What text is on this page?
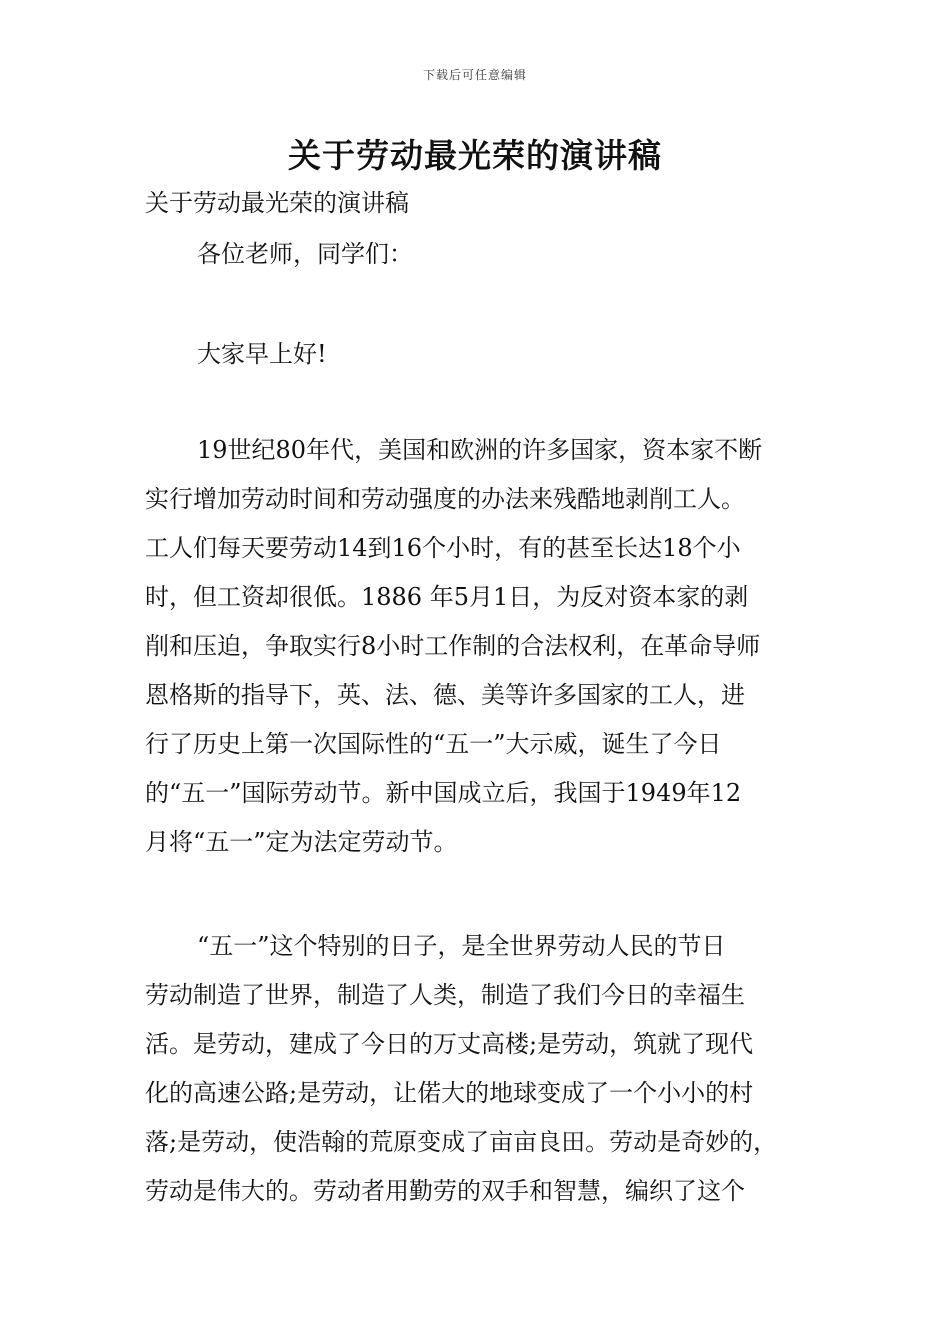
下载后可任意编辑
关于劳动最光荣的演讲稿
关于劳动最光荣的演讲稿

各位老师，同学们：

大家早上好!

19世纪80年代，美国和欧洲的许多国家，资本家不断
实行增加劳动时间和劳动强度的办法来残酷地剥削工人。
工人们每天要劳动14到16个小时，有的甚至长达18个小
时，但工资却很低。1886 年5月1日，为反对资本家的剥
削和压迫，争取实行8小时工作制的合法权利，在革命导师
恩格斯的指导下，英、法、德、美等许多国家的工人，进
行了历史上第一次国际性的“五一”大示威，诞生了今日
的“五一”国际劳动节。新中国成立后，我国于1949年12
月将“五一”定为法定劳动节。

“五一”这个特别的日子，是全世界劳动人民的节日
劳动制造了世界，制造了人类，制造了我们今日的幸福生
活。是劳动，建成了今日的万丈高楼;是劳动，筑就了现代
化的高速公路;是劳动，让偌大的地球变成了一个小小的村
落;是劳动，使浩翰的荒原变成了亩亩良田。劳动是奇妙的，
劳动是伟大的。劳动者用勤劳的双手和智慧，编织了这个
